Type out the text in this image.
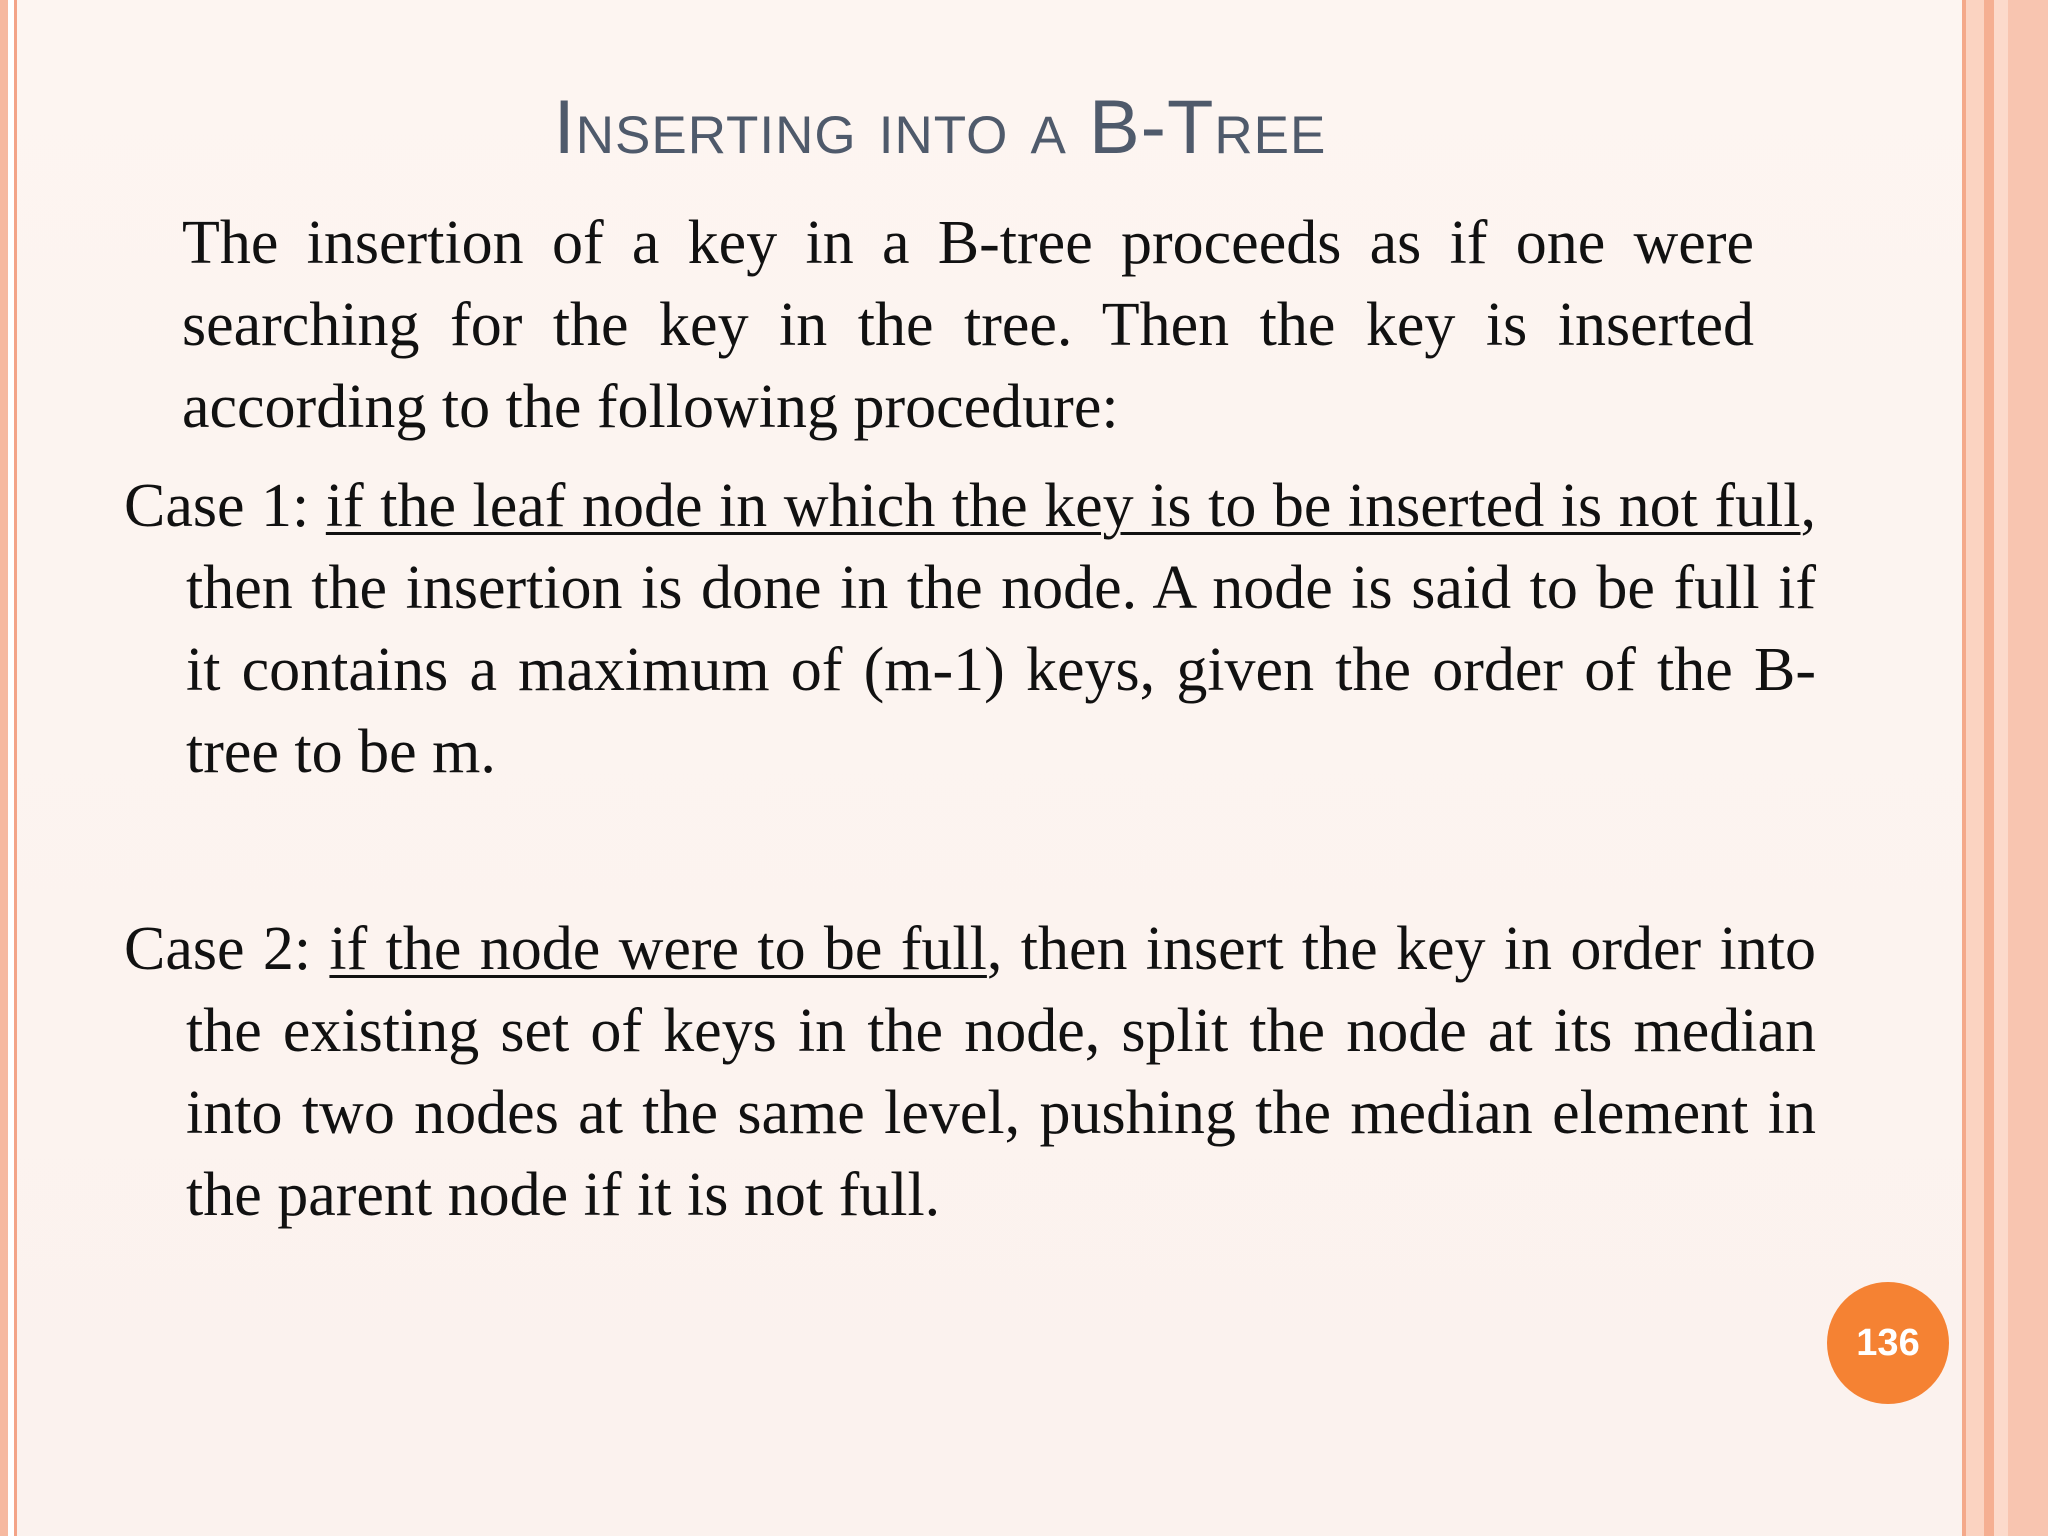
Inserting into a B-Tree

The insertion of a key in a B-tree proceeds as if one were searching for the key in the tree. Then the key is inserted according to the following procedure:

Case 1: if the leaf node in which the key is to be inserted is not full, then the insertion is done in the node. A node is said to be full if it contains a maximum of (m-1) keys, given the order of the B-tree to be m.

Case 2: if the node were to be full, then insert the key in order into the existing set of keys in the node, split the node at its median into two nodes at the same level, pushing the median element in the parent node if it is not full.

136
